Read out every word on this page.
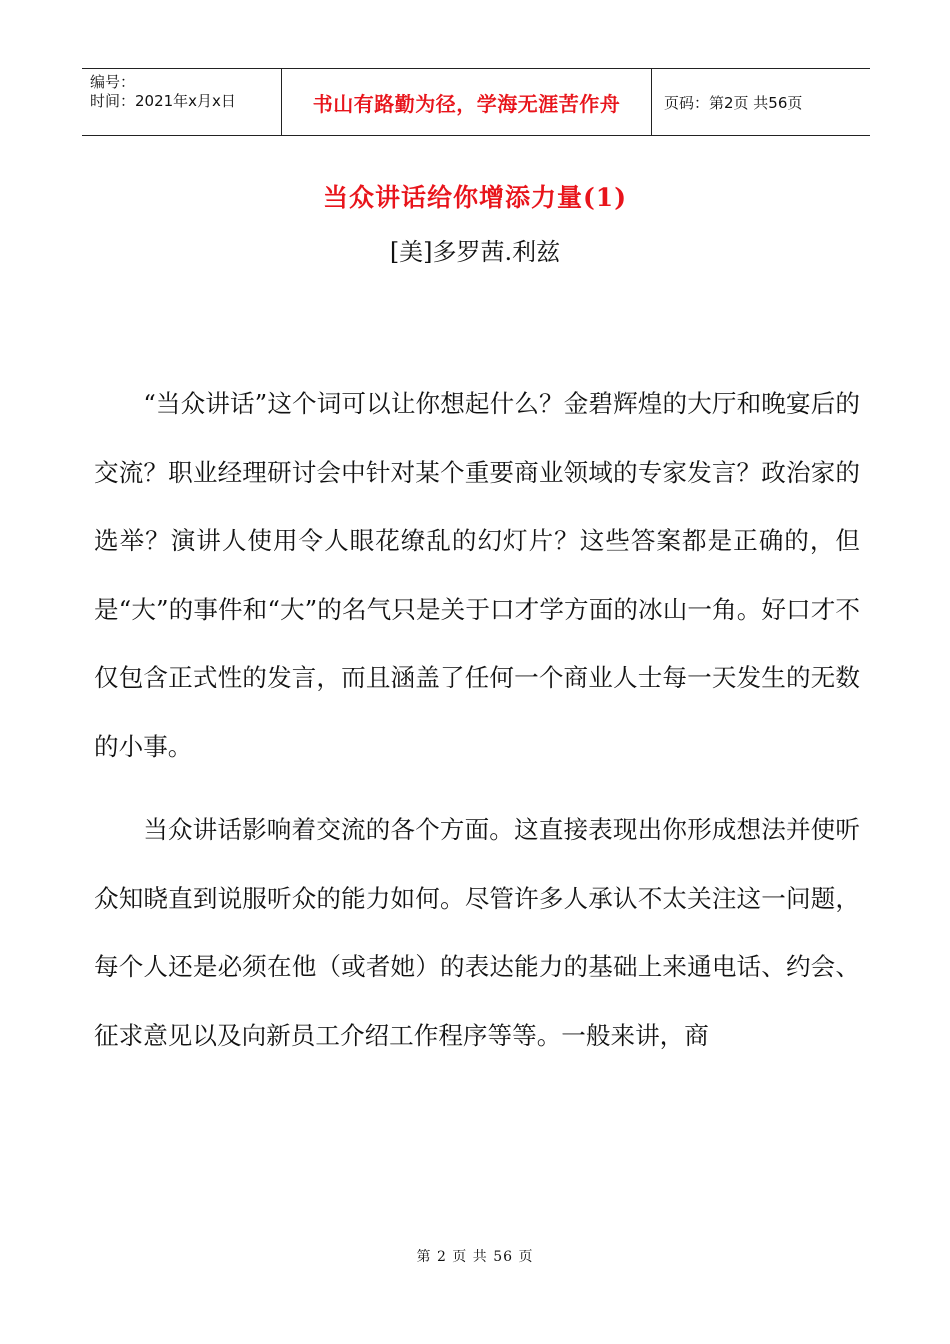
编号：
时间：2021年x月x日	书山有路勤为径，学海无涯苦作舟	页码：第2页 共56页
当众讲话给你增添力量(1)
[美]多罗茜.利兹

“当众讲话”这个词可以让你想起什么？金碧辉煌的大厅和晚宴后的交流？职业经理研讨会中针对某个重要商业领域的专家发言？政治家的选举？演讲人使用令人眼花缭乱的幻灯片？这些答案都是正确的，但是“大”的事件和“大”的名气只是关于口才学方面的冰山一角。好口才不仅包含正式性的发言，而且涵盖了任何一个商业人士每一天发生的无数的小事。

当众讲话影响着交流的各个方面。这直接表现出你形成想法并使听众知晓直到说服听众的能力如何。尽管许多人承认不太关注这一问题，每个人还是必须在他（或者她）的表达能力的基础上来通电话、约会、征求意见以及向新员工介绍工作程序等等。一般来讲，商

第 2 页 共 56 页
